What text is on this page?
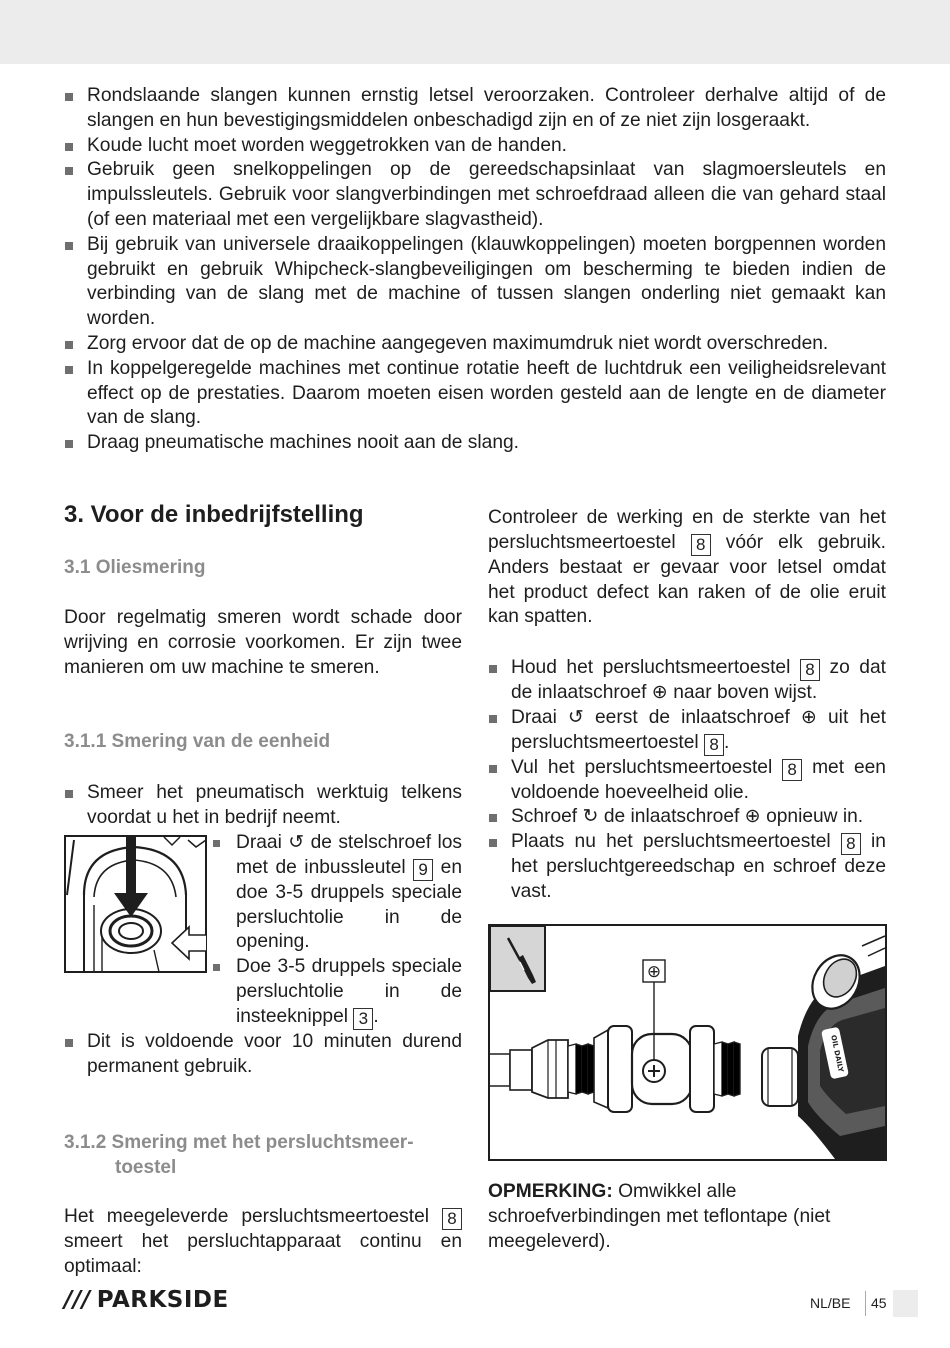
Rondslaande slangen kunnen ernstig letsel veroorzaken. Controleer derhalve altijd of de slangen en hun bevestigingsmiddelen onbeschadigd zijn en of ze niet zijn losgeraakt.
Koude lucht moet worden weggetrokken van de handen.
Gebruik geen snelkoppelingen op de gereedschapsinlaat van slagmoersleutels en impulssleutels. Gebruik voor slangverbindingen met schroefdraad alleen die van gehard staal (of een materiaal met een vergelijkbare slagvastheid).
Bij gebruik van universele draaikoppelingen (klauwkoppelingen) moeten borgpennen worden gebruikt en gebruik Whipcheck-slangbeveiligingen om bescherming te bieden indien de verbinding van de slang met de machine of tussen slangen onderling niet gemaakt kan worden.
Zorg ervoor dat de op de machine aangegeven maximumdruk niet wordt overschreden.
In koppelgeregelde machines met continue rotatie heeft de luchtdruk een veiligheidsrelevant effect op de prestaties. Daarom moeten eisen worden gesteld aan de lengte en de diameter van de slang.
Draag pneumatische machines nooit aan de slang.
3. Voor de inbedrijfstelling
3.1 Oliesmering
Door regelmatig smeren wordt schade door wrijving en corrosie voorkomen. Er zijn twee manieren om uw machine te smeren.
3.1.1 Smering van de eenheid
Smeer het pneumatisch werktuig telkens voordat u het in bedrijf neemt.
Draai ↺ de stelschroef los met de inbussleutel 9 en doe 3-5 druppels speciale persluchtolie in de opening.
Doe 3-5 druppels speciale persluchtolie in de insteeknippel 3 .
Dit is voldoende voor 10 minuten durend permanent gebruik.
3.1.2 Smering met het persluchtsmeer-
toestel
Het meegeleverde persluchtsmeertoestel 8 smeert het persluchtapparaat continu en optimaal:
Controleer de werking en de sterkte van het persluchtsmeertoestel 8 vóór elk gebruik. Anders bestaat er gevaar voor letsel omdat het product defect kan raken of de olie eruit kan spatten.
Houd het persluchtsmeertoestel 8 zo dat de inlaatschroef ⊕ naar boven wijst.
Draai ↺ eerst de inlaatschroef ⊕ uit het persluchtsmeertoestel 8 .
Vul het persluchtsmeertoestel 8 met een voldoende hoeveelheid olie.
Schroef ↻ de inlaatschroef ⊕ opnieuw in.
Plaats nu het persluchtsmeertoestel 8 in het persluchtgereedschap en schroef deze vast.
⊕
OIL DAILY
OPMERKING: Omwikkel alle schroefverbindingen met teflontape (niet meegeleverd).
/// PARKSIDE	NL/BE 45
